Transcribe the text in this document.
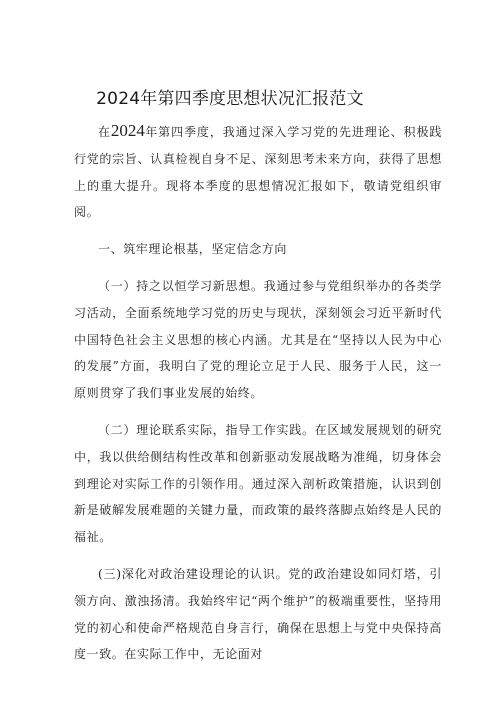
2024年第四季度思想状况汇报范文

在2024年第四季度，我通过深入学习党的先进理论、积极践行党的宗旨、认真检视自身不足、深刻思考未来方向，获得了思想上的重大提升。现将本季度的思想情况汇报如下，敬请党组织审阅。

一、筑牢理论根基，坚定信念方向

（一）持之以恒学习新思想。我通过参与党组织举办的各类学习活动，全面系统地学习党的历史与现状，深刻领会习近平新时代中国特色社会主义思想的核心内涵。尤其是在“坚持以人民为中心的发展”方面，我明白了党的理论立足于人民、服务于人民，这一原则贯穿了我们事业发展的始终。

（二）理论联系实际，指导工作实践。在区域发展规划的研究中，我以供给侧结构性改革和创新驱动发展战略为准绳，切身体会到理论对实际工作的引领作用。通过深入剖析政策措施，认识到创新是破解发展难题的关键力量，而政策的最终落脚点始终是人民的福祉。

(三)深化对政治建设理论的认识。党的政治建设如同灯塔，引领方向、激浊扬清。我始终牢记“两个维护”的极端重要性，坚持用党的初心和使命严格规范自身言行，确保在思想上与党中央保持高度一致。在实际工作中，无论面对
